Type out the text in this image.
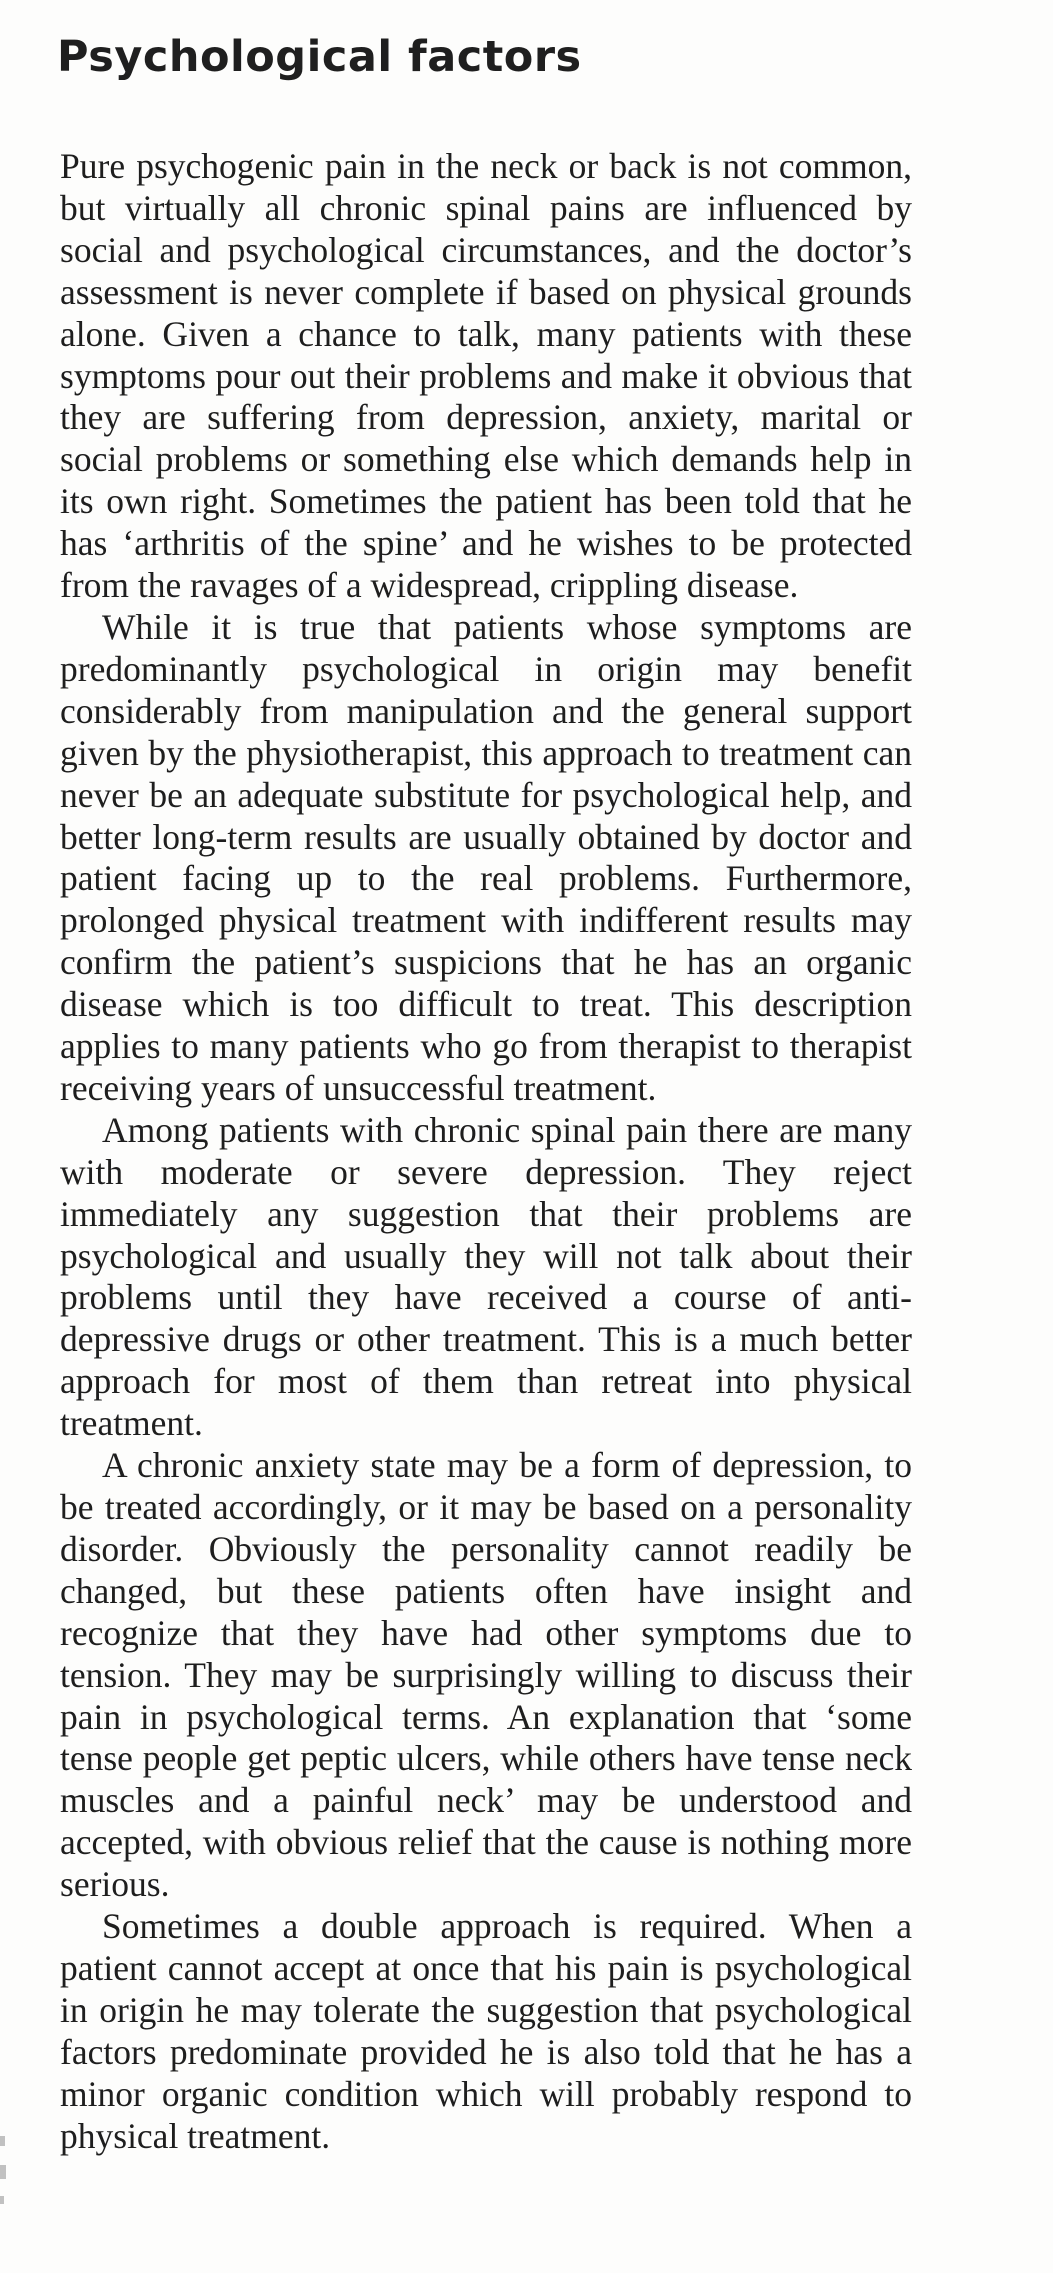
Psychological factors

Pure psychogenic pain in the neck or back is not common, but virtually all chronic spinal pains are influenced by social and psychological circumstances, and the doctor’s assessment is never complete if based on physical grounds alone. Given a chance to talk, many patients with these symptoms pour out their problems and make it obvious that they are suffering from depression, anxiety, marital or social problems or something else which demands help in its own right. Sometimes the patient has been told that he has ‘arthritis of the spine’ and he wishes to be protected from the ravages of a widespread, crippling disease.

While it is true that patients whose symptoms are predominantly psychological in origin may benefit considerably from manipulation and the general support given by the physiotherapist, this approach to treatment can never be an adequate substitute for psychological help, and better long-term results are usually obtained by doctor and patient facing up to the real problems. Furthermore, prolonged physical treatment with indifferent results may confirm the patient’s suspicions that he has an organic disease which is too difficult to treat. This description applies to many patients who go from therapist to therapist receiving years of unsuccessful treatment.

Among patients with chronic spinal pain there are many with moderate or severe depression. They reject immediately any suggestion that their problems are psychological and usually they will not talk about their problems until they have received a course of anti-depressive drugs or other treatment. This is a much better approach for most of them than retreat into physical treatment.

A chronic anxiety state may be a form of depression, to be treated accordingly, or it may be based on a personality disorder. Obviously the personality cannot readily be changed, but these patients often have insight and recognize that they have had other symptoms due to tension. They may be surprisingly willing to discuss their pain in psychological terms. An explanation that ‘some tense people get peptic ulcers, while others have tense neck muscles and a painful neck’ may be understood and accepted, with obvious relief that the cause is nothing more serious.

Sometimes a double approach is required. When a patient cannot accept at once that his pain is psychological in origin he may tolerate the suggestion that psychological factors predominate provided he is also told that he has a minor organic condition which will probably respond to physical treatment.
